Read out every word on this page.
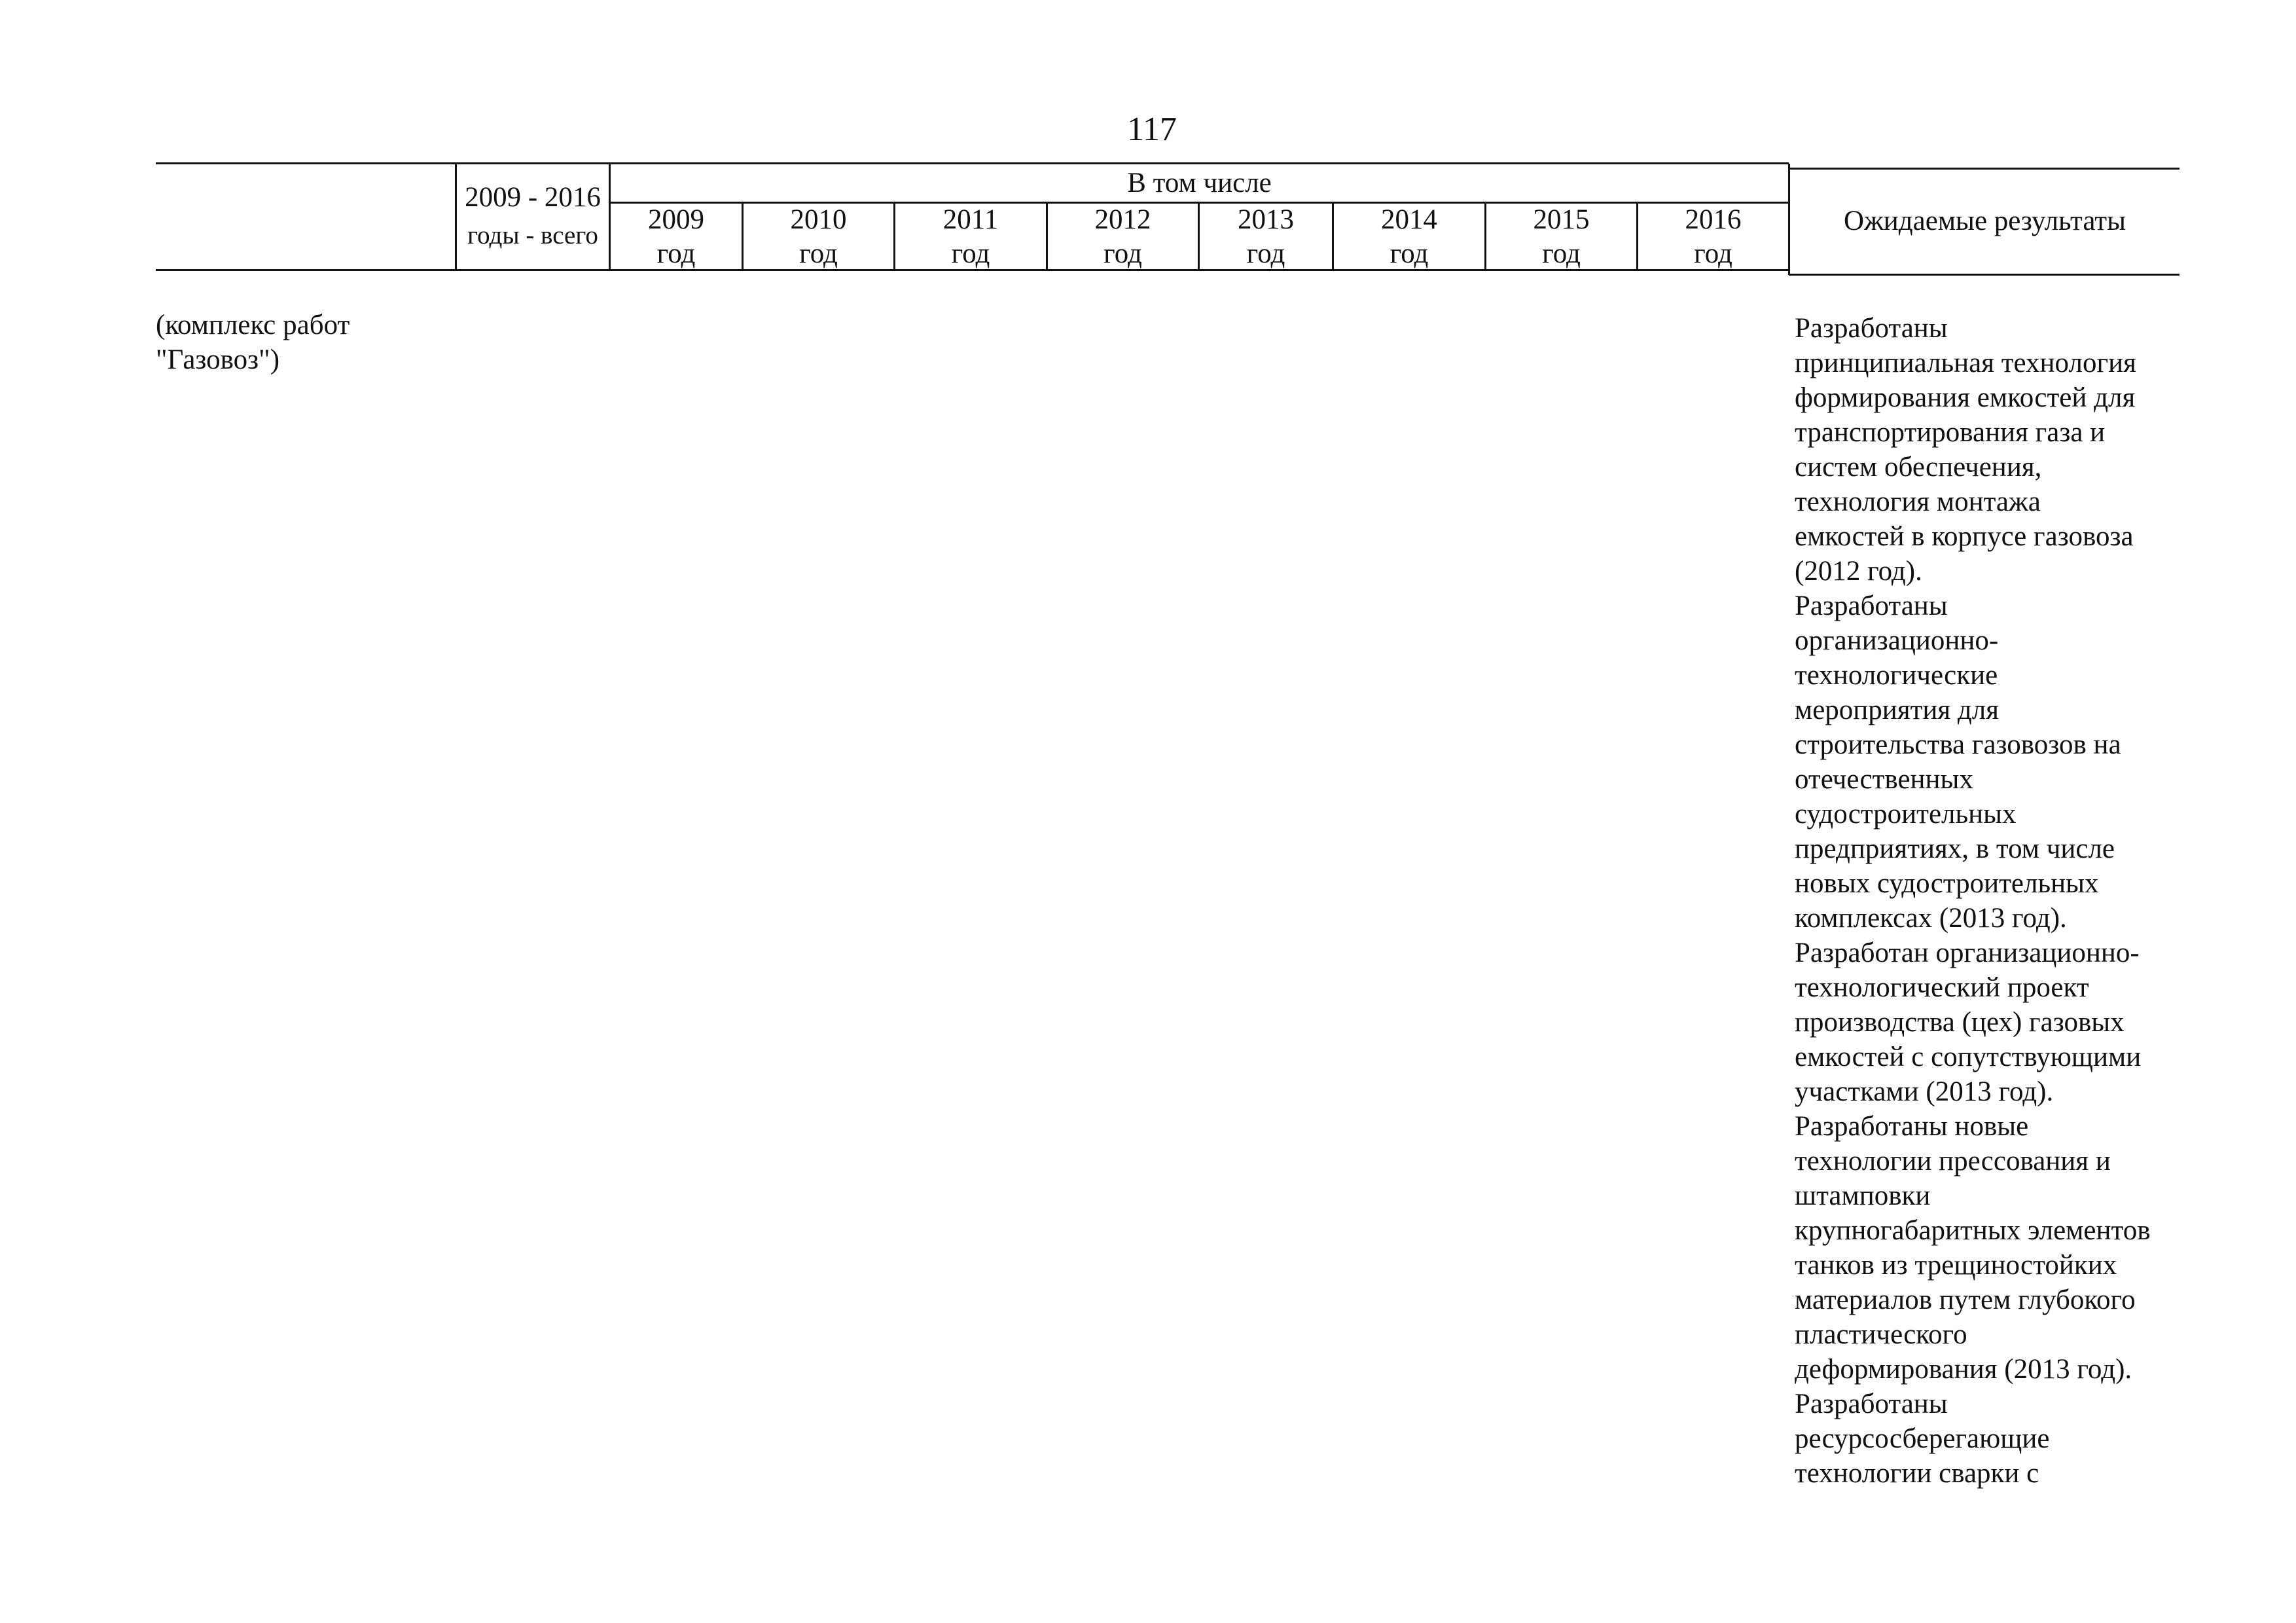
117
2009 - 2016
годы - всего
В том числе
2009
год
2010
год
2011
год
2012
год
2013
год
2014
год
2015
год
2016
год
Ожидаемые результаты
(комплекс работ
"Газовоз")
Разработаны
принципиальная технология
формирования емкостей для
транспортирования газа и
систем обеспечения,
технология монтажа
емкостей в корпусе газовоза
(2012 год).
Разработаны
организационно-
технологические
мероприятия для
строительства газовозов на
отечественных
судостроительных
предприятиях, в том числе
новых судостроительных
комплексах (2013 год).
Разработан организационно-
технологический проект
производства (цех) газовых
емкостей с сопутствующими
участками (2013 год).
Разработаны новые
технологии прессования и
штамповки
крупногабаритных элементов
танков из трещиностойких
материалов путем глубокого
пластического
деформирования (2013 год).
Разработаны
ресурсосберегающие
технологии сварки с
